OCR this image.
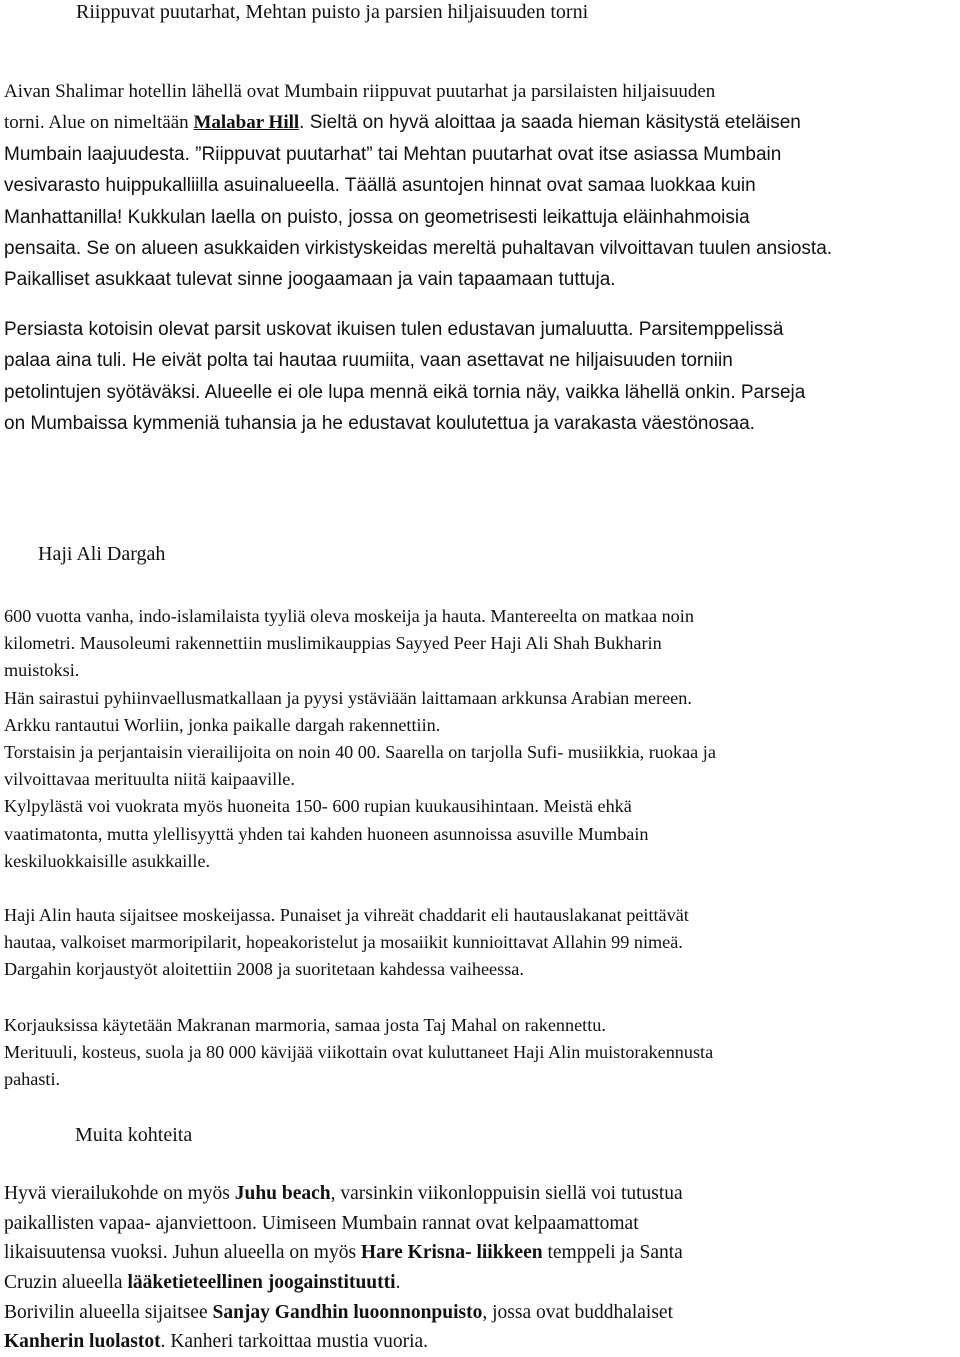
Riippuvat puutarhat, Mehtan puisto ja parsien hiljaisuuden torni
Aivan Shalimar hotellin lähellä ovat Mumbain riippuvat puutarhat ja parsilaisten hiljaisuuden
torni. Alue on nimeltään Malabar Hill. Sieltä on hyvä aloittaa ja saada hieman käsitystä eteläisen
Mumbain laajuudesta. ”Riippuvat puutarhat” tai Mehtan puutarhat ovat itse asiassa Mumbain
vesivarasto huippukalliilla asuinalueella. Täällä asuntojen hinnat ovat samaa luokkaa kuin
Manhattanilla! Kukkulan laella on puisto, jossa on geometrisesti leikattuja eläinhahmoisia
pensaita. Se on alueen asukkaiden virkistyskeidas mereltä puhaltavan vilvoittavan tuulen ansiosta.
Paikalliset asukkaat tulevat sinne joogaamaan ja vain tapaamaan tuttuja.
Persiasta kotoisin olevat parsit uskovat ikuisen tulen edustavan jumaluutta. Parsitemppelissä
palaa aina tuli. He eivät polta tai hautaa ruumiita, vaan asettavat ne hiljaisuuden torniin
petolintujen syötäväksi. Alueelle ei ole lupa mennä eikä tornia näy, vaikka lähellä onkin. Parseja
on Mumbaissa kymmeniä tuhansia ja he edustavat koulutettua ja varakasta väestönosaa.
Haji Ali Dargah
600 vuotta vanha, indo-islamilaista tyyliä oleva moskeija ja hauta. Mantereelta on matkaa noin
kilometri. Mausoleumi rakennettiin muslimikauppias Sayyed Peer Haji Ali Shah Bukharin
muistoksi.
Hän sairastui pyhiinvaellusmatkallaan ja pyysi ystäviään laittamaan arkkunsa Arabian mereen.
Arkku rantautui Worliin, jonka paikalle dargah rakennettiin.
Torstaisin ja perjantaisin vierailijoita on noin 40 00. Saarella on tarjolla Sufi- musiikkia, ruokaa ja
vilvoittavaa merituulta niitä kaipaaville.
Kylpylästä voi vuokrata myös huoneita 150- 600 rupian kuukausihintaan. Meistä ehkä
vaatimatonta, mutta ylellisyyttä yhden tai kahden huoneen asunnoissa asuville Mumbain
keskiluokkaisille asukkaille.
Haji Alin hauta sijaitsee moskeijassa. Punaiset ja vihreät chaddarit eli hautauslakanat peittävät
hautaa, valkoiset marmoripilarit, hopeakoristelut ja mosaiikit kunnioittavat Allahin 99 nimeä.
Dargahin korjaustyöt aloitettiin 2008 ja suoritetaan kahdessa vaiheessa.
Korjauksissa käytetään Makranan marmoria, samaa josta Taj Mahal on rakennettu.
Merituuli, kosteus, suola ja 80 000 kävijää viikottain ovat kuluttaneet Haji Alin muistorakennusta
pahasti.
Muita kohteita
Hyvä vierailukohde on myös Juhu beach, varsinkin viikonloppuisin siellä voi tutustua
paikallisten vapaa- ajanviettoon. Uimiseen Mumbain rannat ovat kelpaamattomat
likaisuutensa vuoksi. Juhun alueella on myös Hare Krisna- liikkeen temppeli ja Santa
Cruzin alueella lääketieteellinen joogainstituutti.
Borivilin alueella sijaitsee Sanjay Gandhin luoonnonpuisto, jossa ovat buddhalaiset
Kanherin luolastot. Kanheri tarkoittaa mustia vuoria.
